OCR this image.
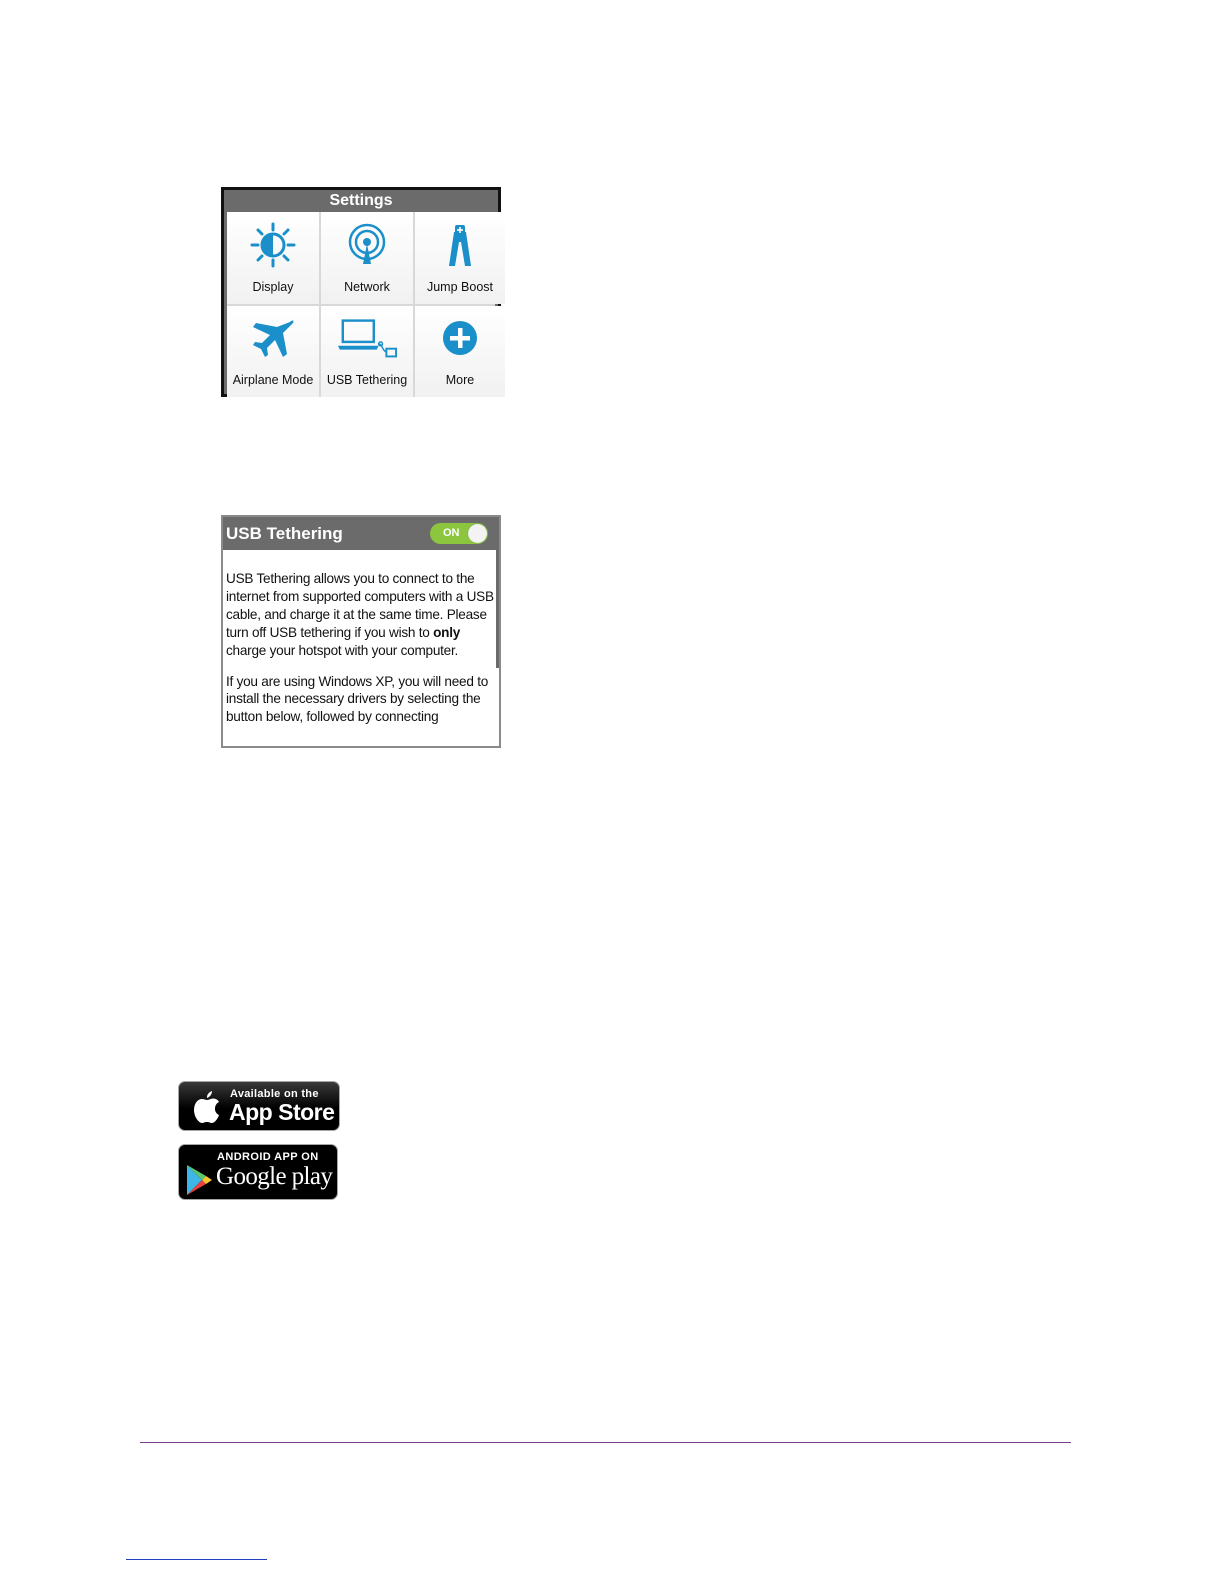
Settings
Display	Network	Jump Boost
Airplane Mode	USB Tethering	More
USB Tethering	ON

USB Tethering allows you to connect to the internet from supported computers with a USB cable, and charge it at the same time. Please turn off USB tethering if you wish to only charge your hotspot with your computer.

If you are using Windows XP, you will need to install the necessary drivers by selecting the button below, followed by connecting

Available on the
App Store
ANDROID APP ON
Google play
